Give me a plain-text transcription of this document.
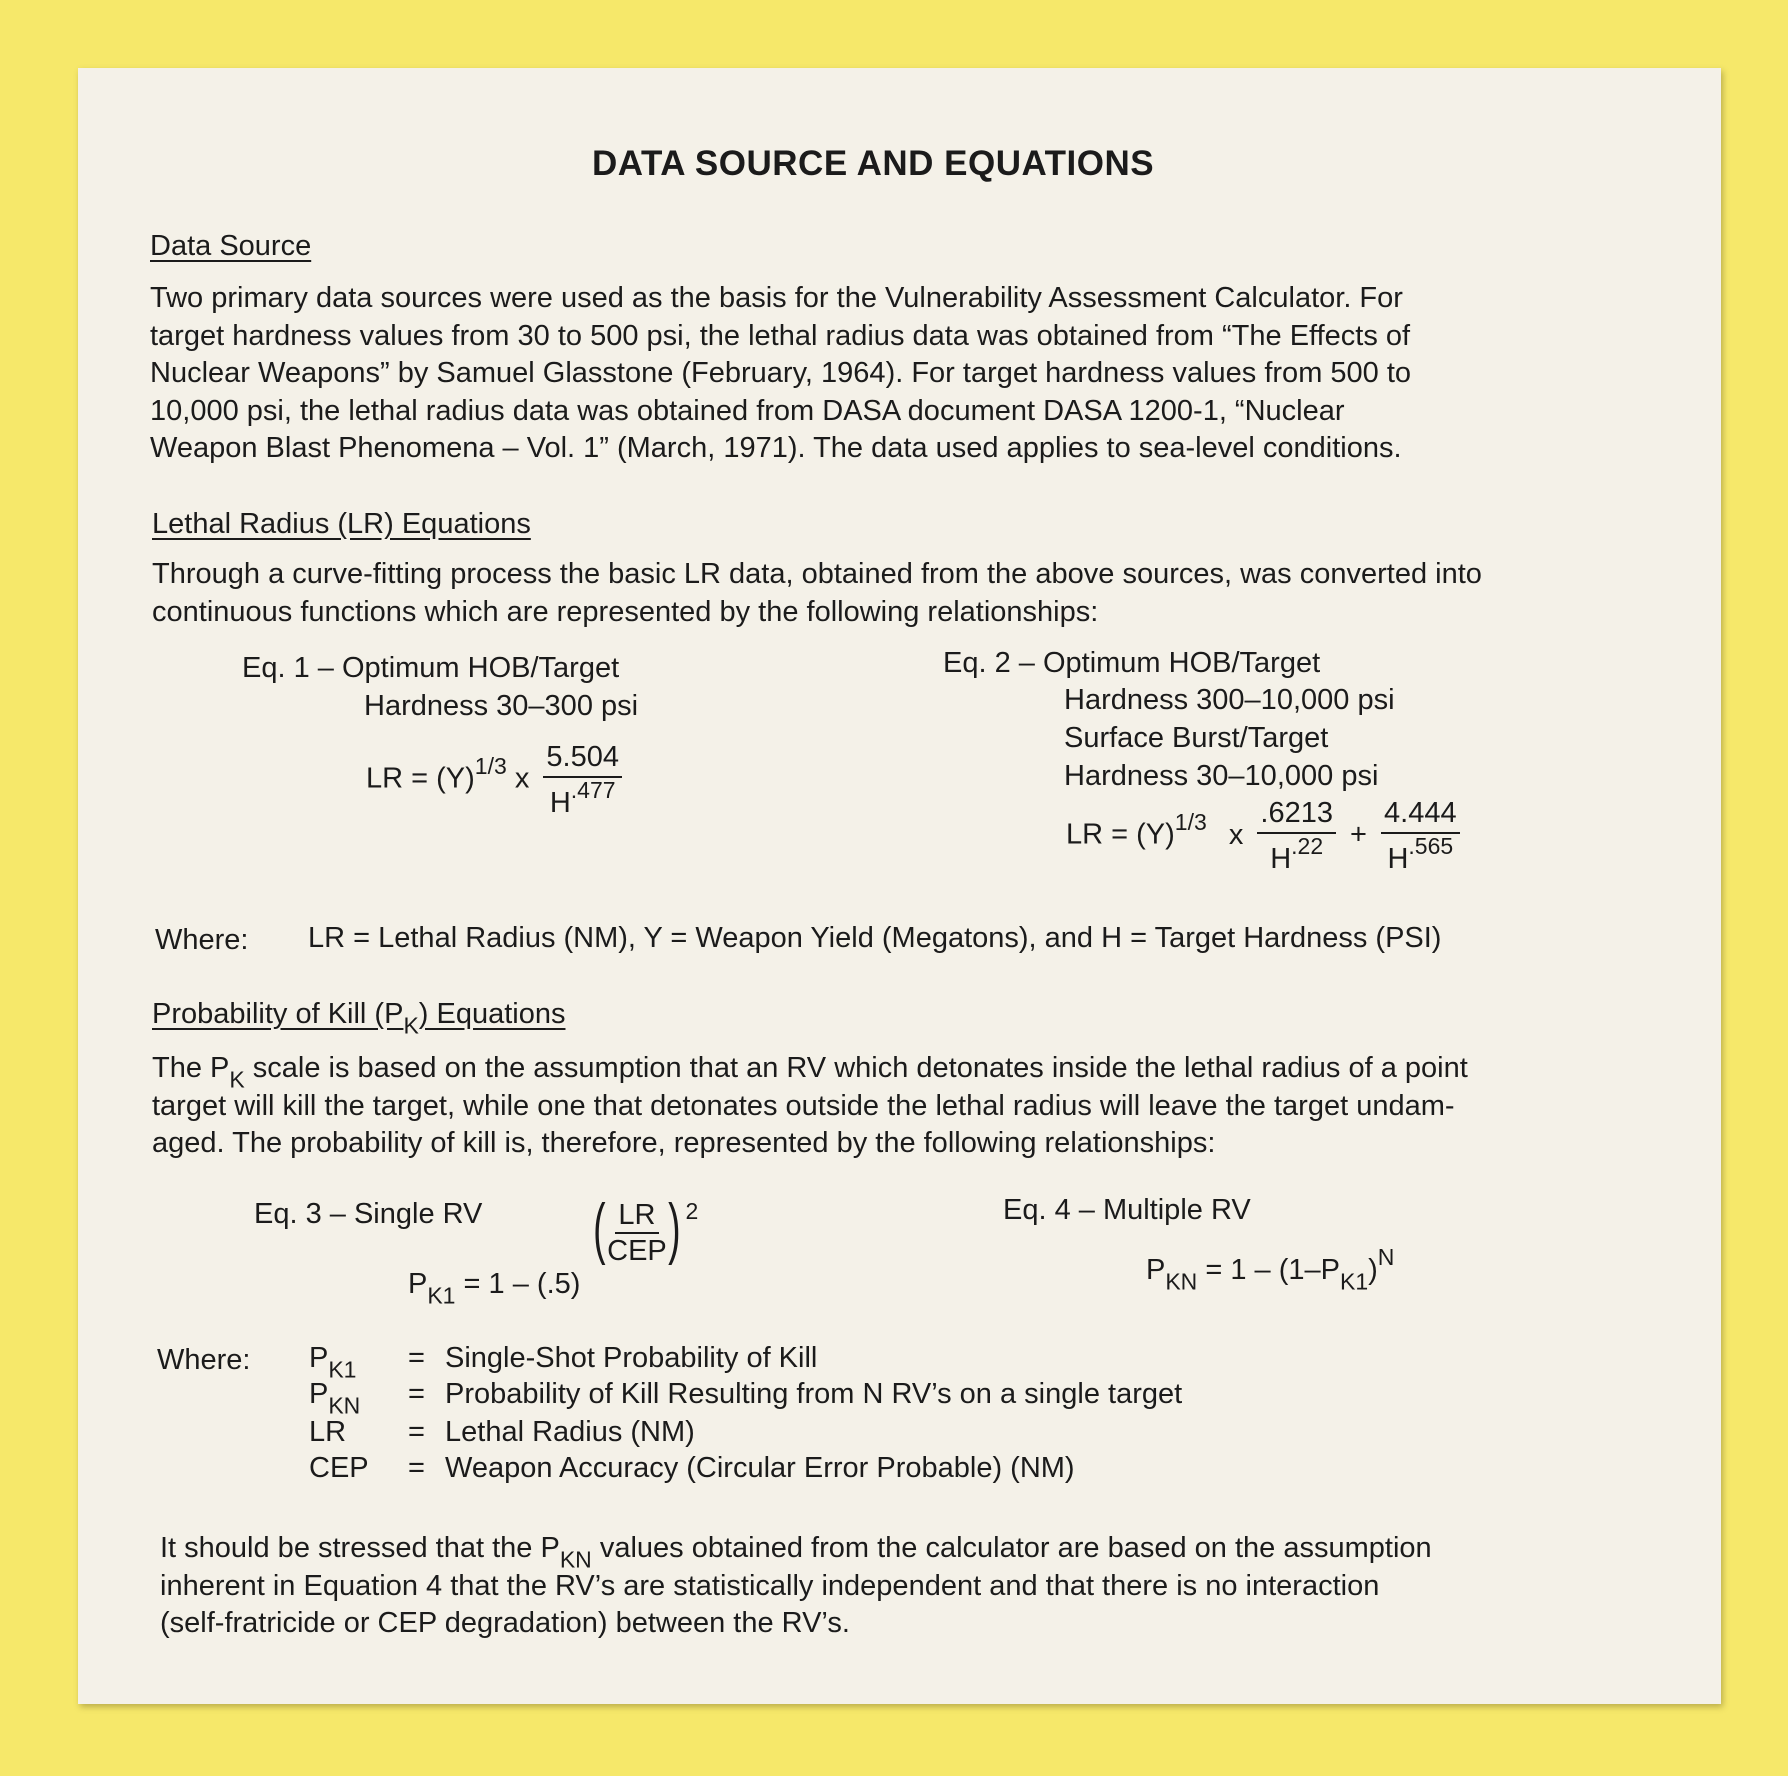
DATA SOURCE AND EQUATIONS
Data Source
Two primary data sources were used as the basis for the Vulnerability Assessment Calculator. For
target hardness values from 30 to 500 psi, the lethal radius data was obtained from “The Effects of
Nuclear Weapons” by Samuel Glasstone (February, 1964). For target hardness values from 500 to
10,000 psi, the lethal radius data was obtained from DASA document DASA 1200-1, “Nuclear
Weapon Blast Phenomena – Vol. 1” (March, 1971). The data used applies to sea-level conditions.
Lethal Radius (LR) Equations
Through a curve-fitting process the basic LR data, obtained from the above sources, was converted into
continuous functions which are represented by the following relationships:
Eq. 1 – Optimum HOB/Target
Hardness 30–300 psi
LR = $(Y)^{1/3}$ x $\frac{5.504}{H^{.477}}$
Eq. 2 – Optimum HOB/Target
Hardness 300–10,000 psi
Surface Burst/Target
Hardness 30–10,000 psi
LR = $(Y)^{1/3}$ x $\frac{.6213}{H^{.22}} + \frac{4.444}{H^{.565}}$
Where: LR = Lethal Radius (NM), Y = Weapon Yield (Megatons), and H = Target Hardness (PSI)
Probability of Kill $(P_K)$ Equations
The $P_K$ scale is based on the assumption that an RV which detonates inside the lethal radius of a point
target will kill the target, while one that detonates outside the lethal radius will leave the target undam-
aged. The probability of kill is, therefore, represented by the following relationships:
Eq. 3 – Single RV
$P_{K1} = 1 - (.5)$ ( $\frac{LR}{\text{CEP}}$ ) $^2$	Eq. 4 – Multiple RV
$P_{KN} = 1 - (1-P_{K1})^N$
Where: $P_{K1}$ = Single-Shot Probability of Kill
$P_{KN}$ = Probability of Kill Resulting from N RV’s on a single target
LR = Lethal Radius (NM)
CEP = Weapon Accuracy (Circular Error Probable) (NM)
It should be stressed that the $P_{KN}$ values obtained from the calculator are based on the assumption
inherent in Equation 4 that the RV’s are statistically independent and that there is no interaction
(self-fratricide or CEP degradation) between the RV’s.
